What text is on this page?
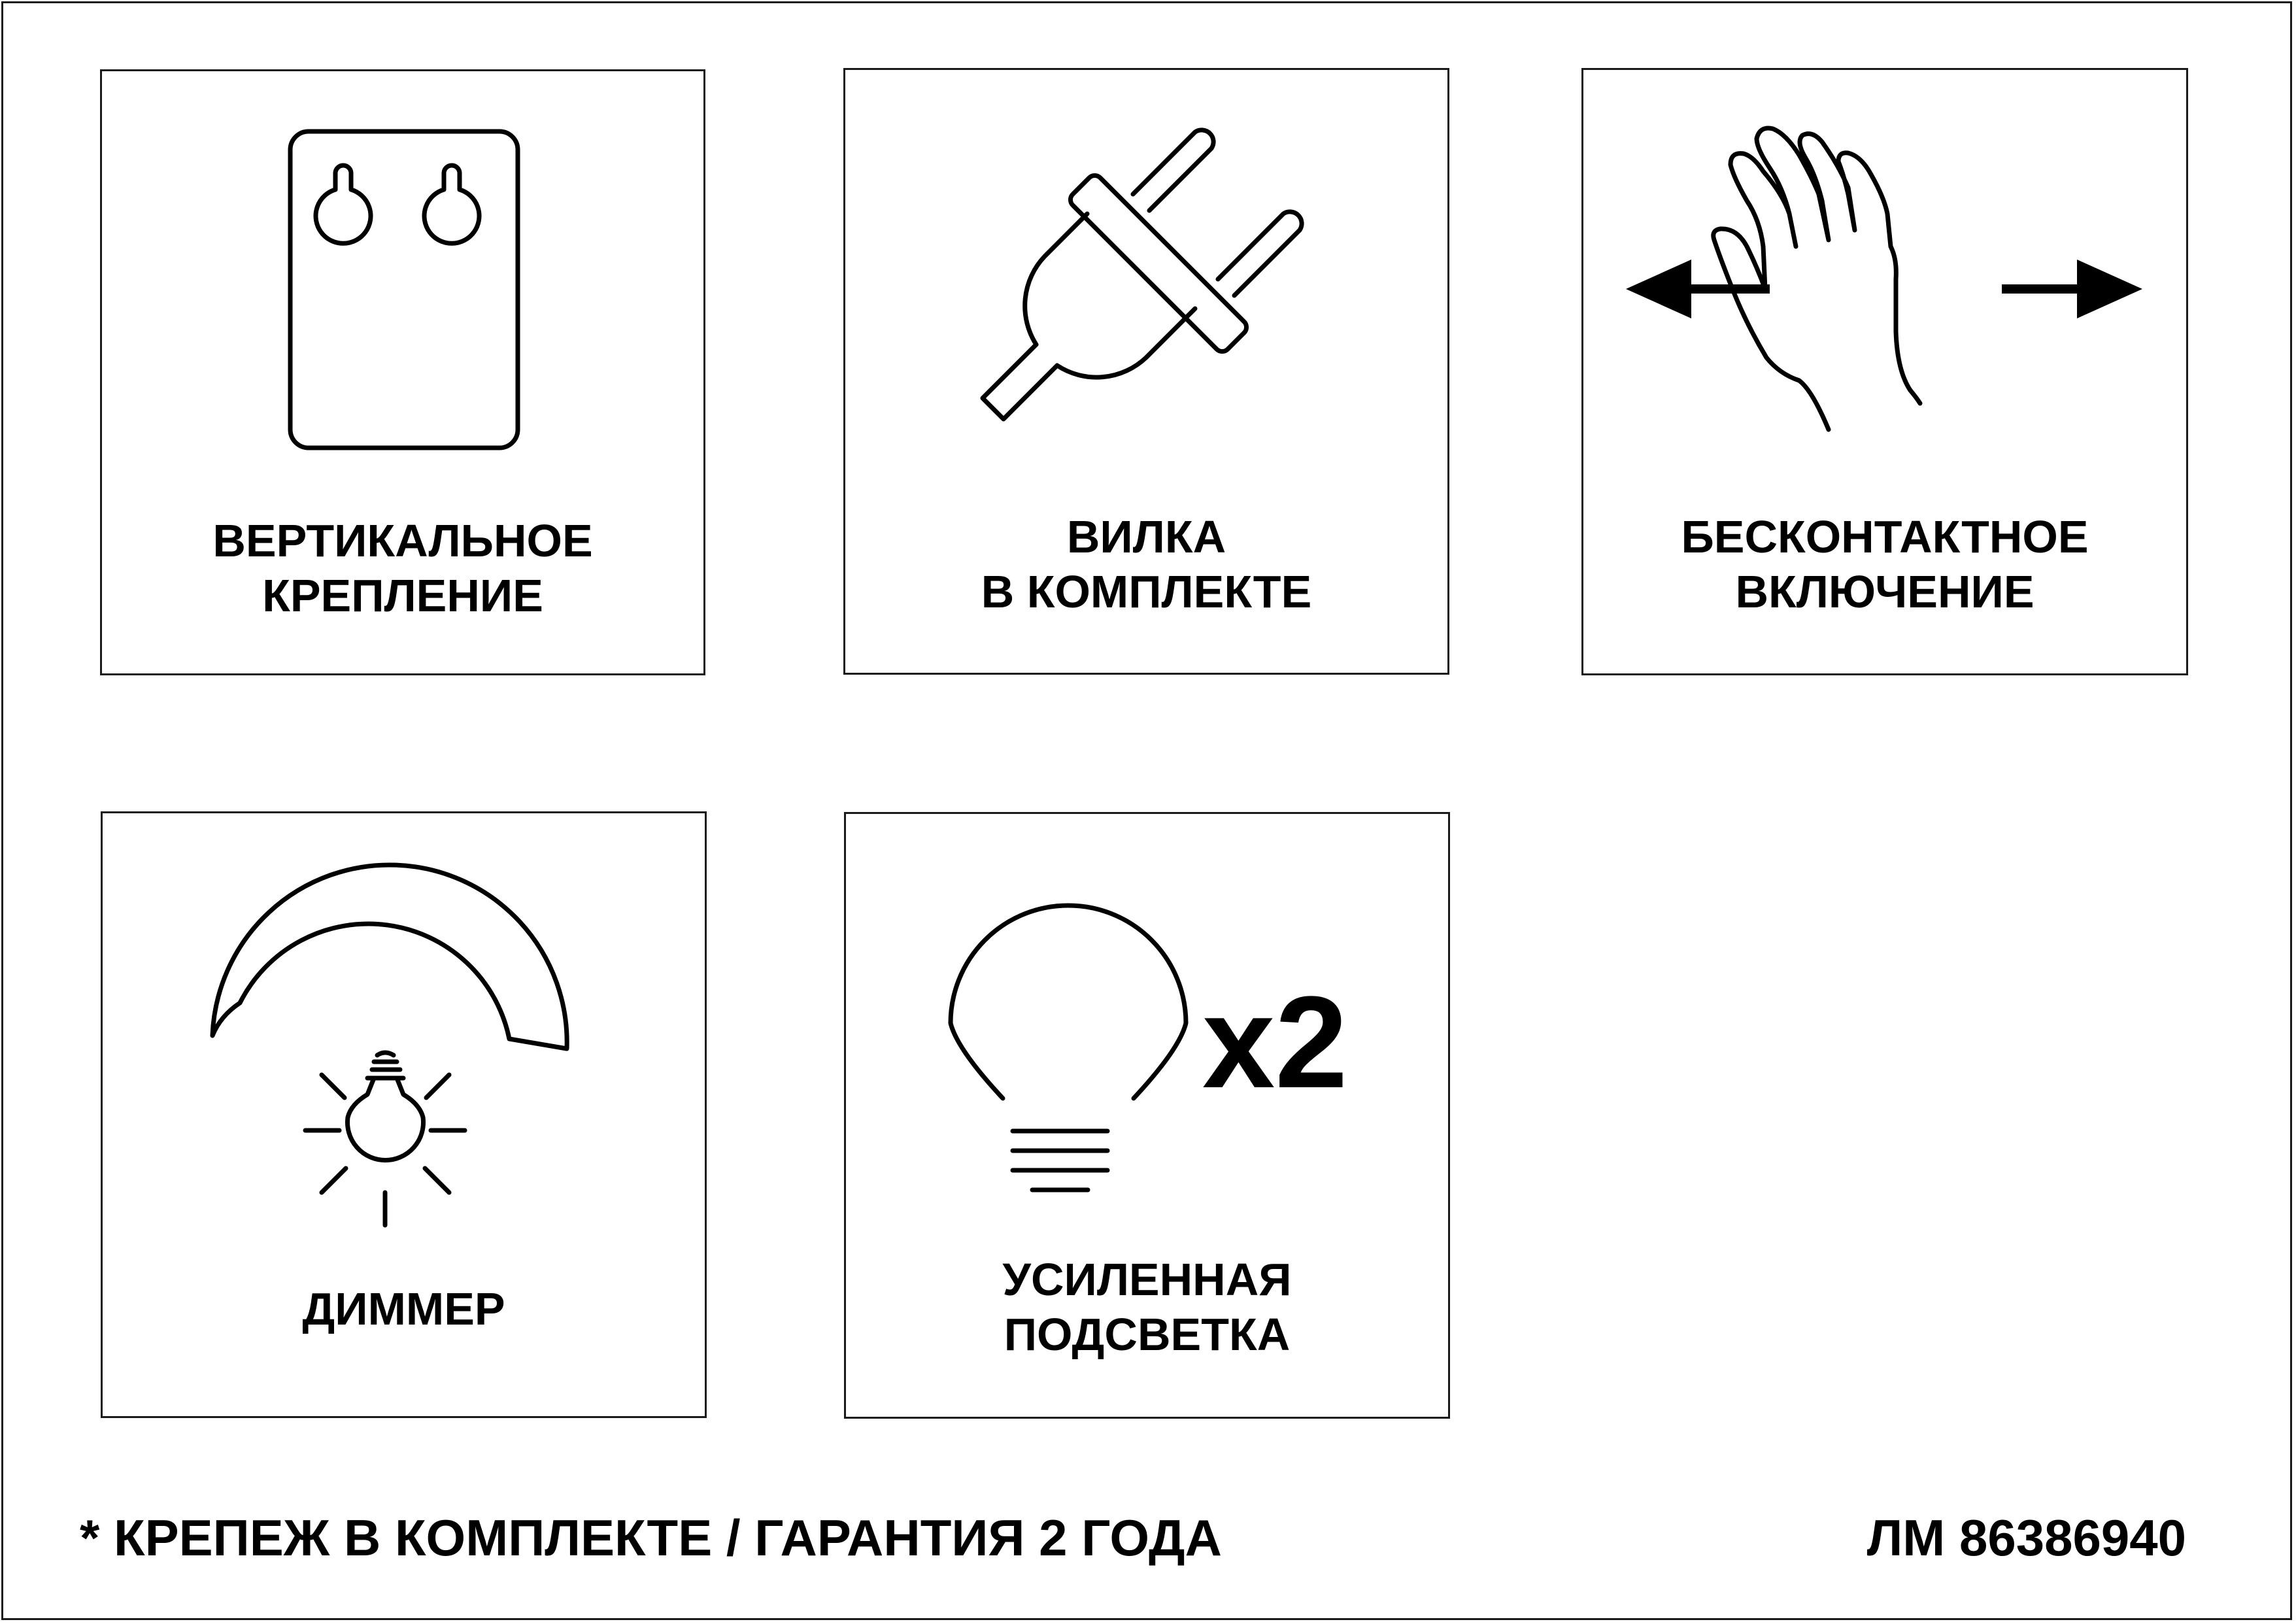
ВЕРТИКАЛЬНОЕ
КРЕПЛЕНИЕ
ВИЛКА
В КОМПЛЕКТЕ
БЕСКОНТАКТНОЕ
ВКЛЮЧЕНИЕ
ДИММЕР
x2
УСИЛЕННАЯ
ПОДСВЕТКА
* КРЕПЕЖ В КОМПЛЕКТЕ / ГАРАНТИЯ 2 ГОДА	ЛМ 86386940
